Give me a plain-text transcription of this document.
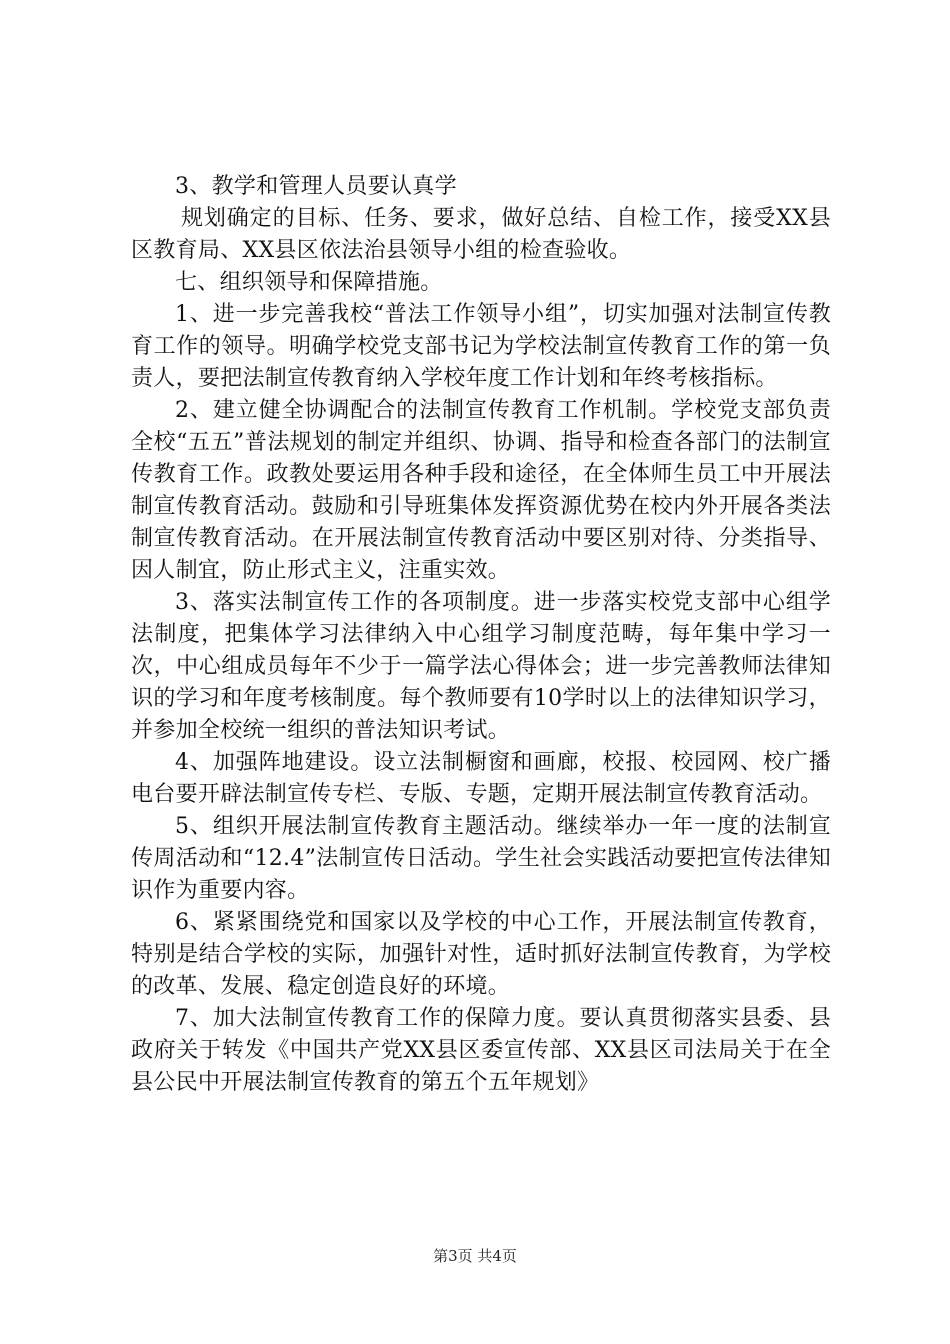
3、教学和管理人员要认真学

规划确定的目标、任务、要求，做好总结、自检工作，接受XX县区教育局、XX县区依法治县领导小组的检查验收。

七、组织领导和保障措施。

1、进一步完善我校“普法工作领导小组”，切实加强对法制宣传教育工作的领导。明确学校党支部书记为学校法制宣传教育工作的第一负责人，要把法制宣传教育纳入学校年度工作计划和年终考核指标。

2、建立健全协调配合的法制宣传教育工作机制。学校党支部负责全校“五五”普法规划的制定并组织、协调、指导和检查各部门的法制宣传教育工作。政教处要运用各种手段和途径，在全体师生员工中开展法制宣传教育活动。鼓励和引导班集体发挥资源优势在校内外开展各类法制宣传教育活动。在开展法制宣传教育活动中要区别对待、分类指导、因人制宜，防止形式主义，注重实效。

3、落实法制宣传工作的各项制度。进一步落实校党支部中心组学法制度，把集体学习法律纳入中心组学习制度范畴，每年集中学习一次，中心组成员每年不少于一篇学法心得体会；进一步完善教师法律知识的学习和年度考核制度。每个教师要有10学时以上的法律知识学习，并参加全校统一组织的普法知识考试。

4、加强阵地建设。设立法制橱窗和画廊，校报、校园网、校广播电台要开辟法制宣传专栏、专版、专题，定期开展法制宣传教育活动。

5、组织开展法制宣传教育主题活动。继续举办一年一度的法制宣传周活动和“12.4”法制宣传日活动。学生社会实践活动要把宣传法律知识作为重要内容。

6、紧紧围绕党和国家以及学校的中心工作，开展法制宣传教育，特别是结合学校的实际，加强针对性，适时抓好法制宣传教育，为学校的改革、发展、稳定创造良好的环境。

7、加大法制宣传教育工作的保障力度。要认真贯彻落实县委、县政府关于转发《中国共产党XX县区委宣传部、XX县区司法局关于在全县公民中开展法制宣传教育的第五个五年规划》

第3页 共4页
